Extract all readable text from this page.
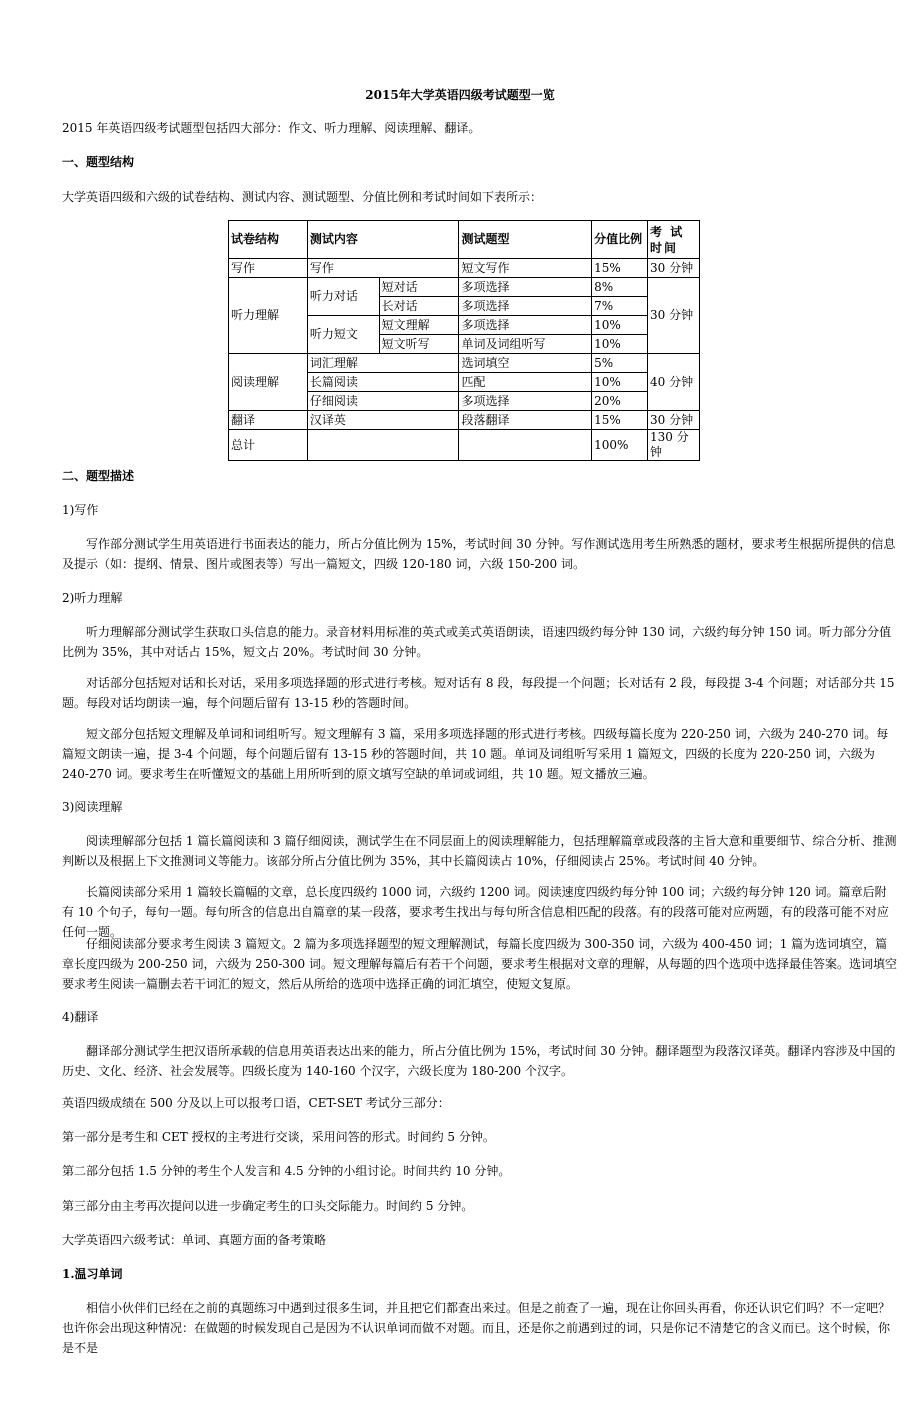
2015年大学英语四级考试题型一览
2015 年英语四级考试题型包括四大部分：作文、听力理解、阅读理解、翻译。
一、题型结构
大学英语四级和六级的试卷结构、测试内容、测试题型、分值比例和考试时间如下表所示：
试卷结构	测试内容		测试题型	分值比例	考 试 时间
写作	写作		短文写作	15%	30 分钟
听力理解	听力对话	短对话	多项选择	8%	30 分钟
		长对话	多项选择	7%	
	听力短文	短文理解	多项选择	10%	
		短文听写	单词及词组听写	10%	
阅读理解	词汇理解		选词填空	5%	40 分钟
	长篇阅读		匹配	10%	
	仔细阅读		多项选择	20%	
翻译	汉译英		段落翻译	15%	30 分钟
总计				100%	130 分钟
二、题型描述
1)写作
写作部分测试学生用英语进行书面表达的能力，所占分值比例为 15%，考试时间 30 分钟。写作测试选用考生所熟悉的题材，要求考生根据所提供的信息及提示（如：提纲、情景、图片或图表等）写出一篇短文，四级 120-180 词，六级 150-200 词。
2)听力理解
听力理解部分测试学生获取口头信息的能力。录音材料用标准的英式或美式英语朗读，语速四级约每分钟 130 词，六级约每分钟 150 词。听力部分分值比例为 35%，其中对话占 15%，短文占 20%。考试时间 30 分钟。
对话部分包括短对话和长对话，采用多项选择题的形式进行考核。短对话有 8 段，每段提一个问题；长对话有 2 段，每段提 3-4 个问题；对话部分共 15 题。每段对话均朗读一遍，每个问题后留有 13-15 秒的答题时间。
短文部分包括短文理解及单词和词组听写。短文理解有 3 篇，采用多项选择题的形式进行考核。四级每篇长度为 220-250 词，六级为 240-270 词。每篇短文朗读一遍，提 3-4 个问题，每个问题后留有 13-15 秒的答题时间，共 10 题。单词及词组听写采用 1 篇短文，四级的长度为 220-250 词，六级为 240-270 词。要求考生在听懂短文的基础上用所听到的原文填写空缺的单词或词组，共 10 题。短文播放三遍。
3)阅读理解
阅读理解部分包括 1 篇长篇阅读和 3 篇仔细阅读，测试学生在不同层面上的阅读理解能力，包括理解篇章或段落的主旨大意和重要细节、综合分析、推测判断以及根据上下文推测词义等能力。该部分所占分值比例为 35%，其中长篇阅读占 10%，仔细阅读占 25%。考试时间 40 分钟。
长篇阅读部分采用 1 篇较长篇幅的文章，总长度四级约 1000 词，六级约 1200 词。阅读速度四级约每分钟 100 词；六级约每分钟 120 词。篇章后附有 10 个句子，每句一题。每句所含的信息出自篇章的某一段落，要求考生找出与每句所含信息相匹配的段落。有的段落可能对应两题，有的段落可能不对应任何一题。
仔细阅读部分要求考生阅读 3 篇短文。2 篇为多项选择题型的短文理解测试，每篇长度四级为 300-350 词，六级为 400-450 词；1 篇为选词填空，篇章长度四级为 200-250 词，六级为 250-300 词。短文理解每篇后有若干个问题，要求考生根据对文章的理解，从每题的四个选项中选择最佳答案。选词填空要求考生阅读一篇删去若干词汇的短文，然后从所给的选项中选择正确的词汇填空，使短文复原。
4)翻译
翻译部分测试学生把汉语所承载的信息用英语表达出来的能力，所占分值比例为 15%，考试时间 30 分钟。翻译题型为段落汉译英。翻译内容涉及中国的历史、文化、经济、社会发展等。四级长度为 140-160 个汉字，六级长度为 180-200 个汉字。
英语四级成绩在 500 分及以上可以报考口语，CET-SET 考试分三部分：
第一部分是考生和 CET 授权的主考进行交谈，采用问答的形式。时间约 5 分钟。
第二部分包括 1.5 分钟的考生个人发言和 4.5 分钟的小组讨论。时间共约 10 分钟。
第三部分由主考再次提问以进一步确定考生的口头交际能力。时间约 5 分钟。
大学英语四六级考试：单词、真题方面的备考策略
1.温习单词
相信小伙伴们已经在之前的真题练习中遇到过很多生词，并且把它们都查出来过。但是之前查了一遍，现在让你回头再看，你还认识它们吗？不一定吧？也许你会出现这种情况：在做题的时候发现自己是因为不认识单词而做不对题。而且，还是你之前遇到过的词，只是你记不清楚它的含义而已。这个时候，你是不是
